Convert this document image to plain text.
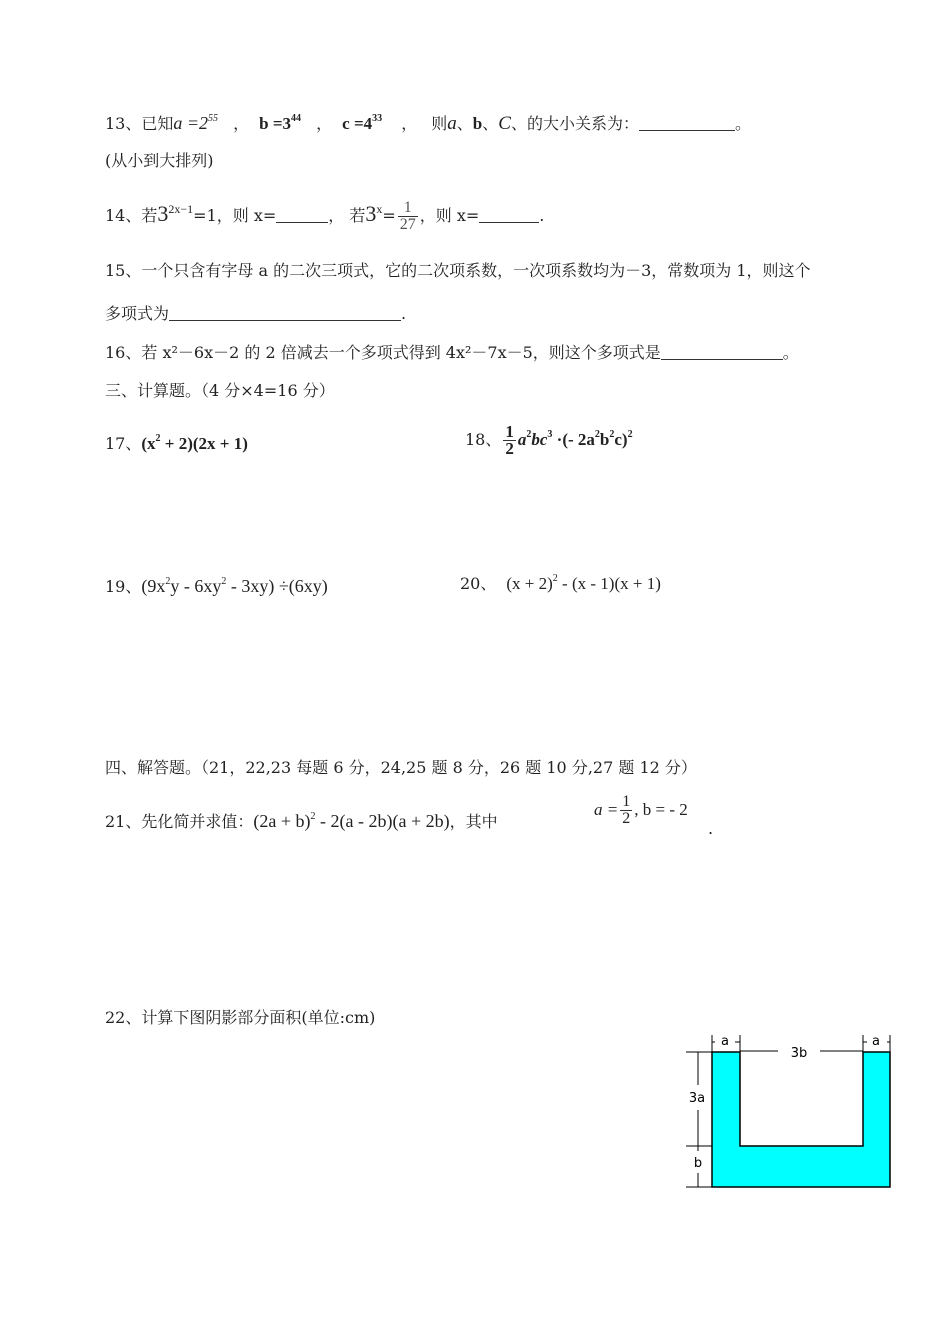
13、已知$a =2^{55}$ ， $b =3^{44}$ ， $c =4^{33}$ ， 则a、b、C、的大小关系为：	。
(从小到大排列)
14、若$3^{2x-1}=1$，则 x=	， 若$3^x= \frac{1}{27}$ ，则 x=	.
15、一个只含有字母 a 的二次三项式，它的二次项系数，一次项系数均为－3，常数项为 1，则这个
多项式为	.
16、若 x²－6x－2 的 2 倍减去一个多项式得到 4x²－7x－5，则这个多项式是	。
三、计算题。（4 分×4=16 分）
17、$(x^2 + 2)(2x + 1)$	18、 $\frac{1}{2} a^2bc^3$ ·(- $2a^2b^2c)^2$
19、$(9x^2y - 6xy^2 - 3xy) \div(6xy)$	20、 $(x + 2)^2 - (x - 1)(x + 1)$
四、解答题。（21，22,23 每题 6 分，24,25 题 8 分，26 题 10 分,27 题 12 分）
21、先化简并求值：$(2a + b)^2 - 2(a - 2b)(a + 2b)$，其中
$a = \frac{1}{2}$ , b = - 2
.
22、计算下图阴影部分面积(单位:cm)
a
3b
a
3a
b
